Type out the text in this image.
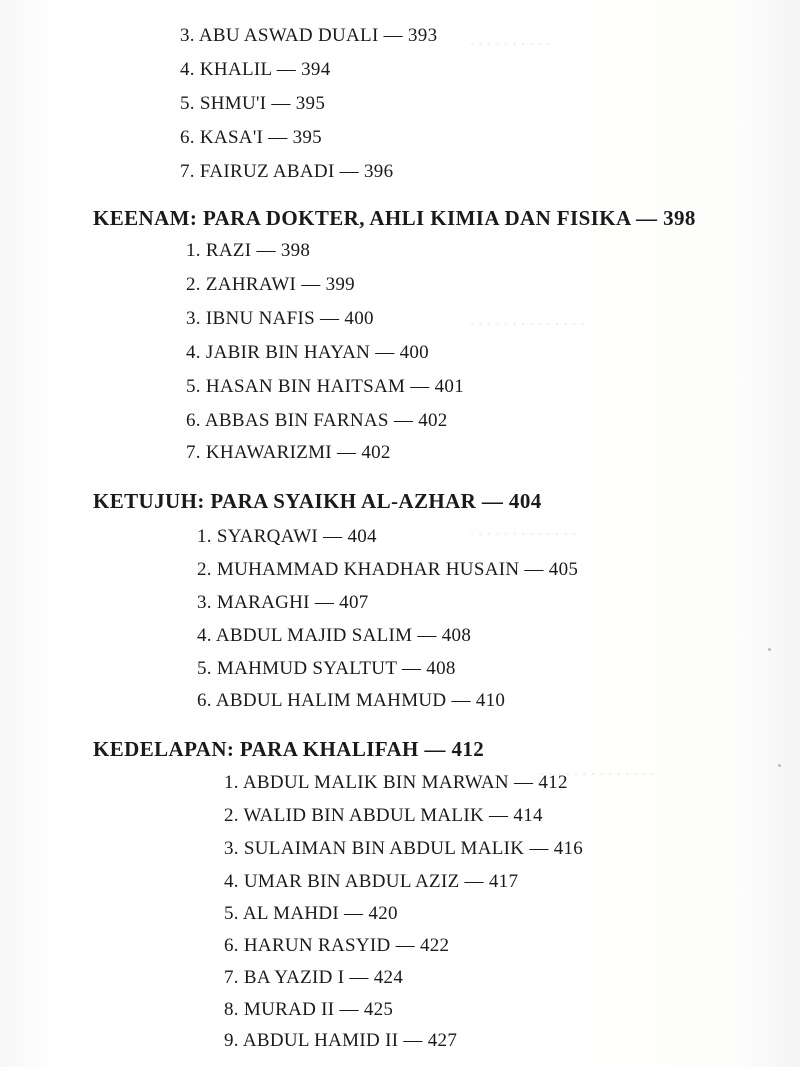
. . . . . . . . . .
. . . . . . . . . . . . . .
. . . . . . . . . . . . .
. . . . . . . . . . . . . .

3. ABU ASWAD DUALI — 393

4. KHALIL — 394

5. SHMU'I — 395

6. KASA'I — 395

7. FAIRUZ ABADI — 396

KEENAM: PARA DOKTER, AHLI KIMIA DAN FISIKA — 398

1. RAZI — 398

2. ZAHRAWI — 399

3. IBNU NAFIS — 400

4. JABIR BIN HAYAN — 400

5. HASAN BIN HAITSAM — 401

6. ABBAS BIN FARNAS — 402

7. KHAWARIZMI — 402

KETUJUH: PARA SYAIKH AL-AZHAR — 404

1. SYARQAWI — 404

2. MUHAMMAD KHADHAR HUSAIN — 405

3. MARAGHI — 407

4. ABDUL MAJID SALIM — 408

5. MAHMUD SYALTUT — 408

6. ABDUL HALIM MAHMUD — 410

KEDELAPAN: PARA KHALIFAH — 412

1. ABDUL MALIK BIN MARWAN — 412

2. WALID BIN ABDUL MALIK — 414

3. SULAIMAN BIN ABDUL MALIK — 416

4. UMAR BIN ABDUL AZIZ — 417

5. AL MAHDI — 420

6. HARUN RASYID — 422

7. BA YAZID I — 424

8. MURAD II — 425

9. ABDUL HAMID II — 427
